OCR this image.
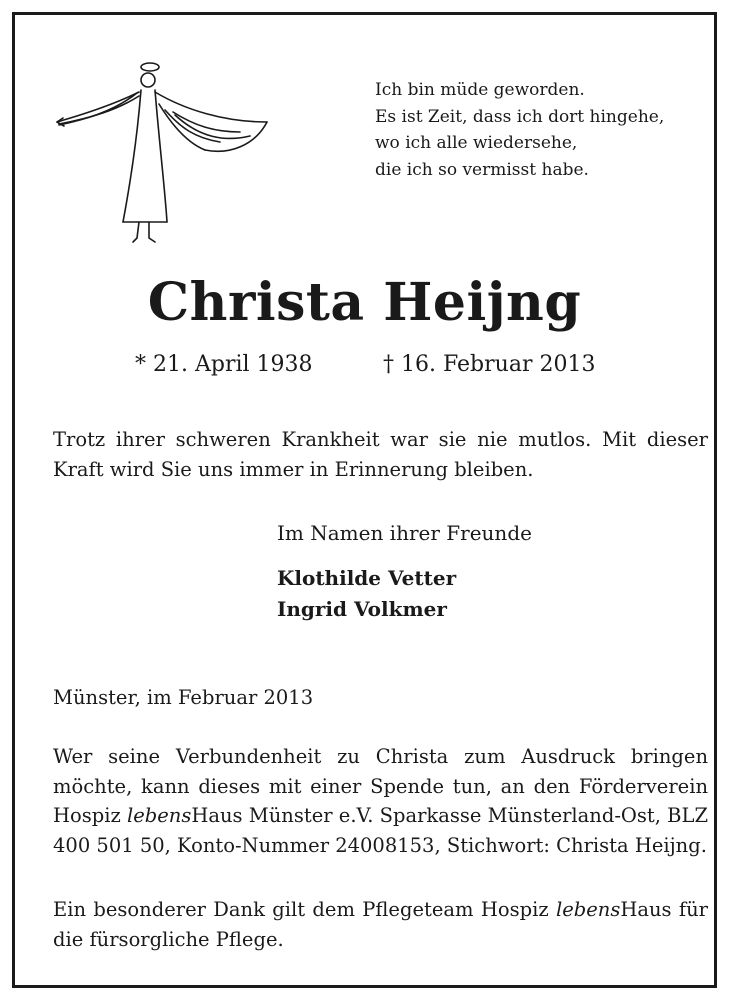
Ich bin müde geworden.
Es ist Zeit, dass ich dort hingehe,
wo ich alle wiedersehe,
die ich so vermisst habe.
Christa Heijng
* 21. April 1938	† 16. Februar 2013
Trotz ihrer schweren Krankheit war sie nie mutlos. Mit dieser Kraft wird Sie uns immer in Erinnerung bleiben.
Im Namen ihrer Freunde
Klothilde Vetter
Ingrid Volkmer
Münster, im Februar 2013
Wer seine Verbundenheit zu Christa zum Ausdruck bringen möchte, kann dieses mit einer Spende tun, an den Förderverein Hospiz lebensHaus Münster e.V. Sparkasse Münsterland-Ost, BLZ 400 501 50, Konto-Nummer 24008153, Stichwort: Christa Heijng.
Ein besonderer Dank gilt dem Pflegeteam Hospiz lebensHaus für die fürsorgliche Pflege.
